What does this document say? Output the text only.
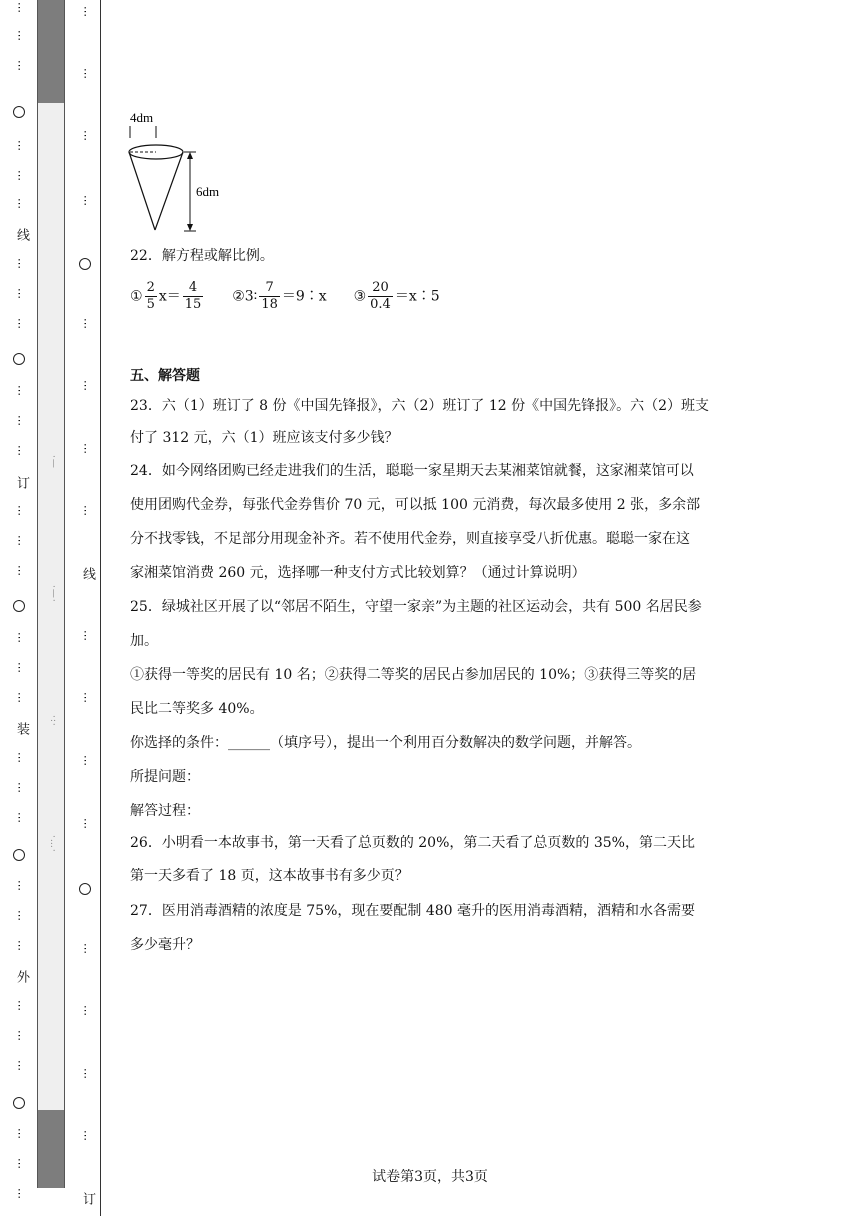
⋯
⋯
⋯
⋯
⋯
⋯
线
⋯
⋯
⋯
⋯
⋯
⋯
订
⋯
⋯
⋯
⋯
⋯
⋯
装
⋯
⋯
⋯
⋯
⋯
⋯
外
⋯
⋯
⋯
⋯
⋯
⋯
·—
·—·
·:·
·…·
⋯
⋯
⋯
⋯
⋯
⋯
⋯
⋯
线
⋯
⋯
⋯
⋯
⋯
⋯
⋯
⋯
订
4dm
6dm
22．解方程或解比例。
① $\frac{2}{5} x= \frac{4}{15}$ ②3∶ $\frac{7}{18}$ ＝9∶x ③ $\frac{20}{0.4}$ ＝x∶5
五、解答题
23．六（1）班订了 8 份《中国先锋报》，六（2）班订了 12 份《中国先锋报》。六（2）班支
付了 312 元，六（1）班应该支付多少钱？
24．如今网络团购已经走进我们的生活，聪聪一家星期天去某湘菜馆就餐，这家湘菜馆可以
使用团购代金券，每张代金券售价 70 元，可以抵 100 元消费，每次最多使用 2 张，多余部
分不找零钱，不足部分用现金补齐。若不使用代金券，则直接享受八折优惠。聪聪一家在这
家湘菜馆消费 260 元，选择哪一种支付方式比较划算？（通过计算说明）
25．绿城社区开展了以“邻居不陌生，守望一家亲”为主题的社区运动会，共有 500 名居民参
加。
①获得一等奖的居民有 10 名；②获得二等奖的居民占参加居民的 10%；③获得三等奖的居
民比二等奖多 40%。
你选择的条件：______（填序号），提出一个利用百分数解决的数学问题，并解答。
所提问题：
解答过程：
26．小明看一本故事书，第一天看了总页数的 20%，第二天看了总页数的 35%，第二天比
第一天多看了 18 页，这本故事书有多少页？
27．医用消毒酒精的浓度是 75%，现在要配制 480 毫升的医用消毒酒精，酒精和水各需要
多少毫升？
试卷第3页，共3页
